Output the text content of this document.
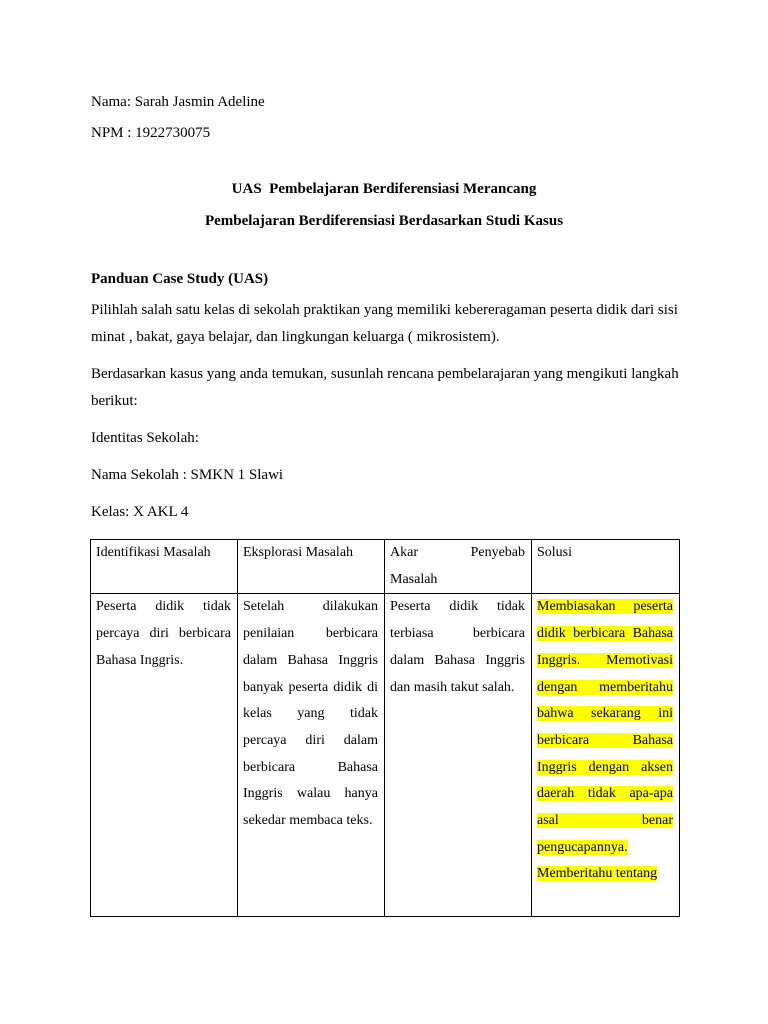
Nama: Sarah Jasmin Adeline
NPM : 1922730075
UAS  Pembelajaran Berdiferensiasi Merancang
Pembelajaran Berdiferensiasi Berdasarkan Studi Kasus
Panduan Case Study (UAS)
Pilihlah salah satu kelas di sekolah praktikan yang memiliki kebereragaman peserta didik dari sisi minat , bakat, gaya belajar, dan lingkungan keluarga ( mikrosistem).
Berdasarkan kasus yang anda temukan, susunlah rencana pembelarajaran yang mengikuti langkah berikut:
Identitas Sekolah:
Nama Sekolah : SMKN 1 Slawi
Kelas: X AKL 4
Identifikasi Masalah	Eksplorasi Masalah	Akar Penyebab Masalah	Solusi
Peserta didik tidak percaya diri berbicara Bahasa Inggris.	Setelah dilakukan penilaian berbicara dalam Bahasa Inggris banyak peserta didik di kelas yang tidak percaya diri dalam berbicara Bahasa Inggris walau hanya sekedar membaca teks.	Peserta didik tidak terbiasa berbicara dalam Bahasa Inggris dan masih takut salah.	Membiasakan peserta didik berbicara Bahasa Inggris. Memotivasi dengan memberitahu bahwa sekarang ini berbicara Bahasa Inggris dengan aksen daerah tidak apa-apa asal benar pengucapannya. Memberitahu tentang
